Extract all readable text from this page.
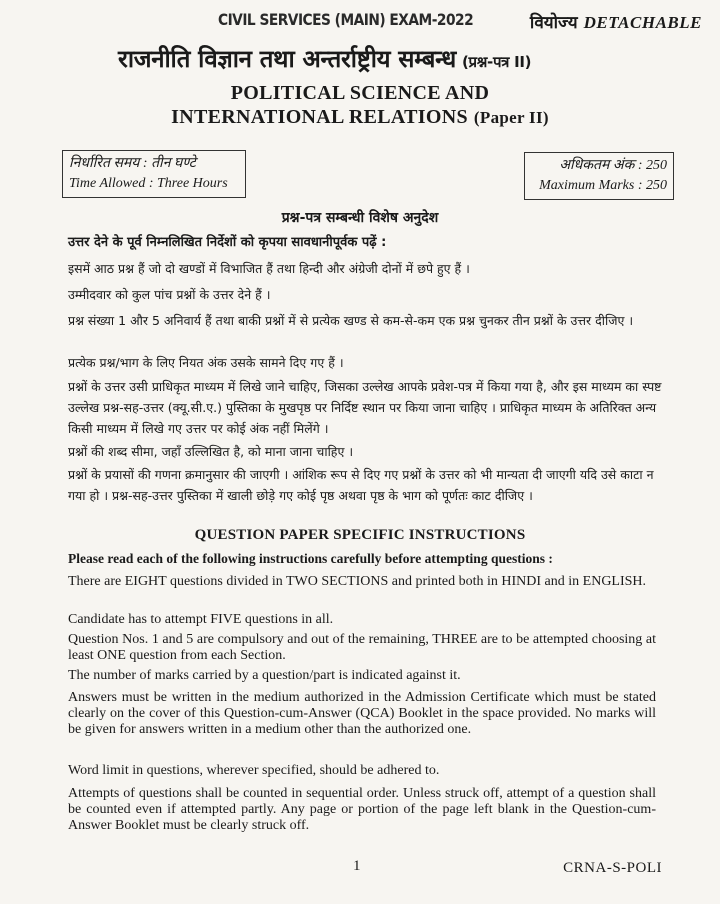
CIVIL SERVICES (MAIN) EXAM-2022	वियोज्य DETACHABLE
राजनीति विज्ञान तथा अन्तर्राष्ट्रीय सम्बन्ध (प्रश्न-पत्र II)
POLITICAL SCIENCE AND
INTERNATIONAL RELATIONS (Paper II)
निर्धारित समय : तीन घण्टे
Time Allowed : Three Hours
अधिकतम अंक : 250
Maximum Marks : 250
प्रश्न-पत्र सम्बन्धी विशेष अनुदेश
उत्तर देने के पूर्व निम्नलिखित निर्देशों को कृपया सावधानीपूर्वक पढ़ें :
इसमें आठ प्रश्न हैं जो दो खण्डों में विभाजित हैं तथा हिन्दी और अंग्रेजी दोनों में छपे हुए हैं ।
उम्मीदवार को कुल पांच प्रश्नों के उत्तर देने हैं ।
प्रश्न संख्या 1 और 5 अनिवार्य हैं तथा बाकी प्रश्नों में से प्रत्येक खण्ड से कम-से-कम एक प्रश्न चुनकर तीन प्रश्नों के उत्तर दीजिए ।
प्रत्येक प्रश्न/भाग के लिए नियत अंक उसके सामने दिए गए हैं ।
प्रश्नों के उत्तर उसी प्राधिकृत माध्यम में लिखे जाने चाहिए, जिसका उल्लेख आपके प्रवेश-पत्र में किया गया है, और इस माध्यम का स्पष्ट उल्लेख प्रश्न-सह-उत्तर (क्यू.सी.ए.) पुस्तिका के मुखपृष्ठ पर निर्दिष्ट स्थान पर किया जाना चाहिए । प्राधिकृत माध्यम के अतिरिक्त अन्य किसी माध्यम में लिखे गए उत्तर पर कोई अंक नहीं मिलेंगे ।
प्रश्नों की शब्द सीमा, जहाँ उल्लिखित है, को माना जाना चाहिए ।
प्रश्नों के प्रयासों की गणना क्रमानुसार की जाएगी । आंशिक रूप से दिए गए प्रश्नों के उत्तर को भी मान्यता दी जाएगी यदि उसे काटा न गया हो । प्रश्न-सह-उत्तर पुस्तिका में खाली छोड़े गए कोई पृष्ठ अथवा पृष्ठ के भाग को पूर्णतः काट दीजिए ।
QUESTION PAPER SPECIFIC INSTRUCTIONS
Please read each of the following instructions carefully before attempting questions :
There are EIGHT questions divided in TWO SECTIONS and printed both in HINDI and in ENGLISH.
Candidate has to attempt FIVE questions in all.
Question Nos. 1 and 5 are compulsory and out of the remaining, THREE are to be attempted choosing at least ONE question from each Section.
The number of marks carried by a question/part is indicated against it.
Answers must be written in the medium authorized in the Admission Certificate which must be stated clearly on the cover of this Question-cum-Answer (QCA) Booklet in the space provided. No marks will be given for answers written in a medium other than the authorized one.
Word limit in questions, wherever specified, should be adhered to.
Attempts of questions shall be counted in sequential order. Unless struck off, attempt of a question shall be counted even if attempted partly. Any page or portion of the page left blank in the Question-cum-Answer Booklet must be clearly struck off.
1	CRNA-S-POLI
